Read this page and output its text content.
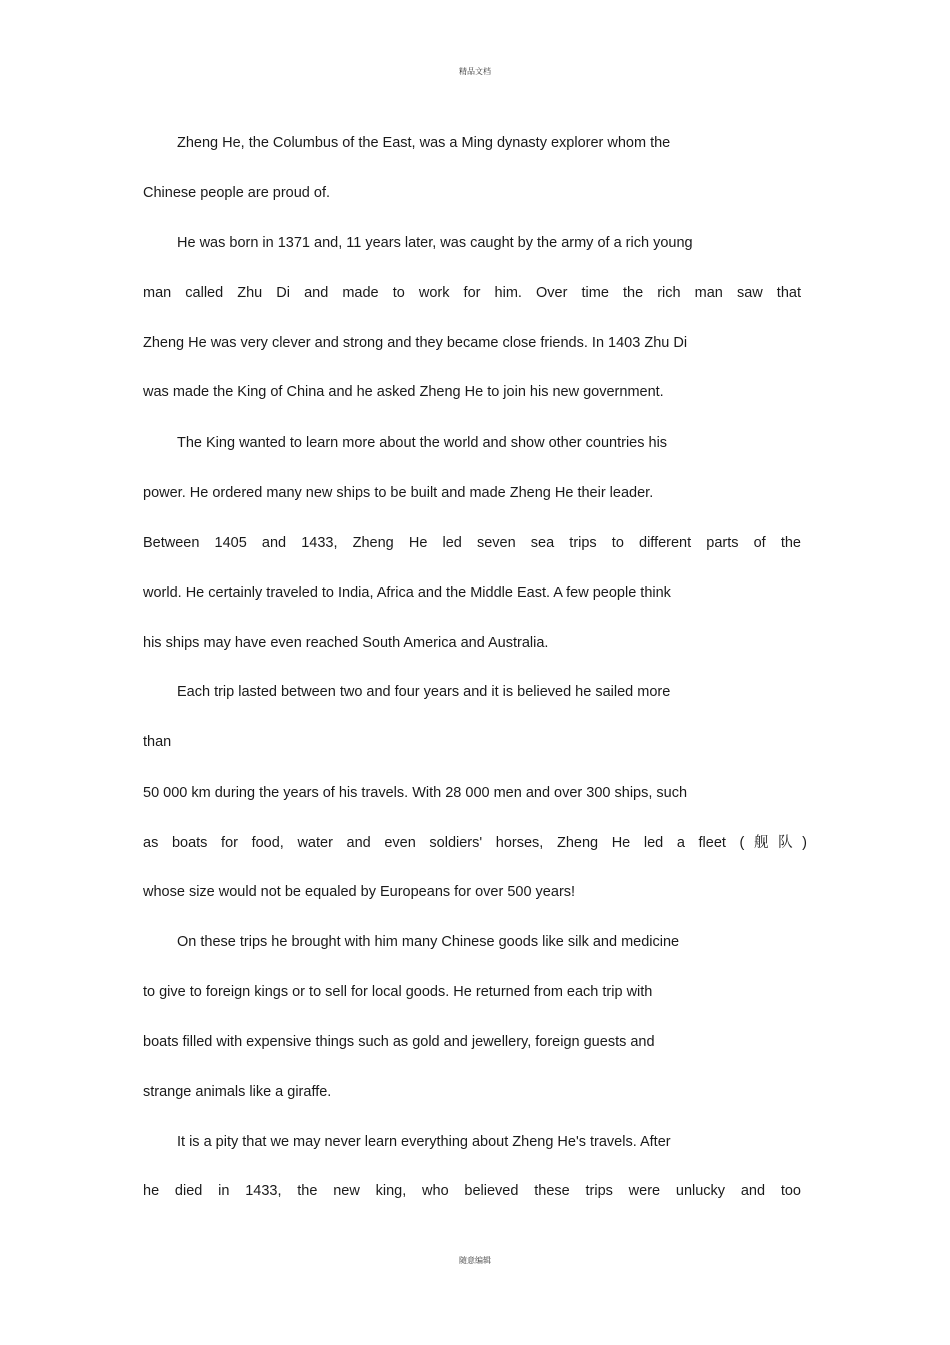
精品文档
Zheng He, the Columbus of the East, was a Ming dynasty explorer whom the
Chinese people are proud of.
He was born in 1371 and, 11 years later, was caught by the army of a rich young
man called Zhu Di and made to work for him. Over time the rich man saw that
Zheng He was very clever and strong and they became close friends. In 1403 Zhu Di
was made the King of China and he asked Zheng He to join his new government.
The King wanted to learn more about the world and show other countries his
power. He ordered many new ships to be built and made Zheng He their leader.
Between 1405 and 1433, Zheng He led seven sea trips to different parts of the
world. He certainly traveled to India, Africa and the Middle East. A few people think
his ships may have even reached South America and Australia.
Each trip lasted between two and four years and it is believed he sailed more
than
50 000 km during the years of his travels. With 28 000 men and over 300 ships, such
as boats for food, water and even soldiers' horses, Zheng He led a fleet (舰队)
whose size would not be equaled by Europeans for over 500 years!
On these trips he brought with him many Chinese goods like silk and medicine
to give to foreign kings or to sell for local goods. He returned from each trip with
boats filled with expensive things such as gold and jewellery, foreign guests and
strange animals like a giraffe.
It is a pity that we may never learn everything about Zheng He's travels. After
he died in 1433, the new king, who believed these trips were unlucky and too
随意编辑
